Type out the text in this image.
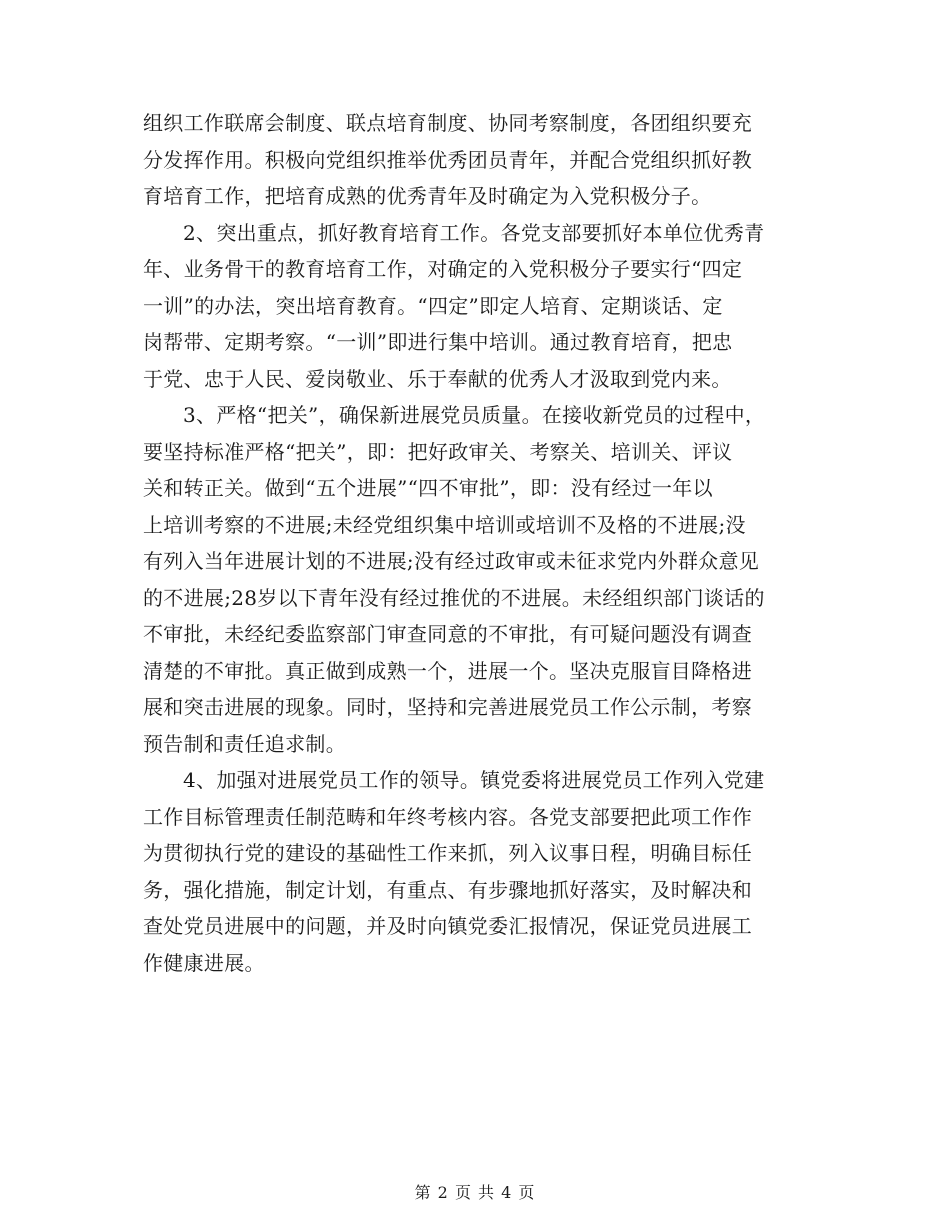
组织工作联席会制度、联点培育制度、协同考察制度，各团组织要充
分发挥作用。积极向党组织推举优秀团员青年，并配合党组织抓好教
育培育工作，把培育成熟的优秀青年及时确定为入党积极分子。
2、突出重点，抓好教育培育工作。各党支部要抓好本单位优秀青
年、业务骨干的教育培育工作，对确定的入党积极分子要实行“四定
一训”的办法，突出培育教育。“四定”即定人培育、定期谈话、定
岗帮带、定期考察。“一训”即进行集中培训。通过教育培育，把忠
于党、忠于人民、爱岗敬业、乐于奉献的优秀人才汲取到党内来。
3、严格“把关”，确保新进展党员质量。在接收新党员的过程中，
要坚持标准严格“把关”，即：把好政审关、考察关、培训关、评议
关和转正关。做到“五个进展”“四不审批”，即：没有经过一年以
上培训考察的不进展;未经党组织集中培训或培训不及格的不进展;没
有列入当年进展计划的不进展;没有经过政审或未征求党内外群众意见
的不进展;28岁以下青年没有经过推优的不进展。未经组织部门谈话的
不审批，未经纪委监察部门审查同意的不审批，有可疑问题没有调查
清楚的不审批。真正做到成熟一个，进展一个。坚决克服盲目降格进
展和突击进展的现象。同时，坚持和完善进展党员工作公示制，考察
预告制和责任追求制。
4、加强对进展党员工作的领导。镇党委将进展党员工作列入党建
工作目标管理责任制范畴和年终考核内容。各党支部要把此项工作作
为贯彻执行党的建设的基础性工作来抓，列入议事日程，明确目标任
务，强化措施，制定计划，有重点、有步骤地抓好落实，及时解决和
查处党员进展中的问题，并及时向镇党委汇报情况，保证党员进展工
作健康进展。
第 2 页 共 4 页
